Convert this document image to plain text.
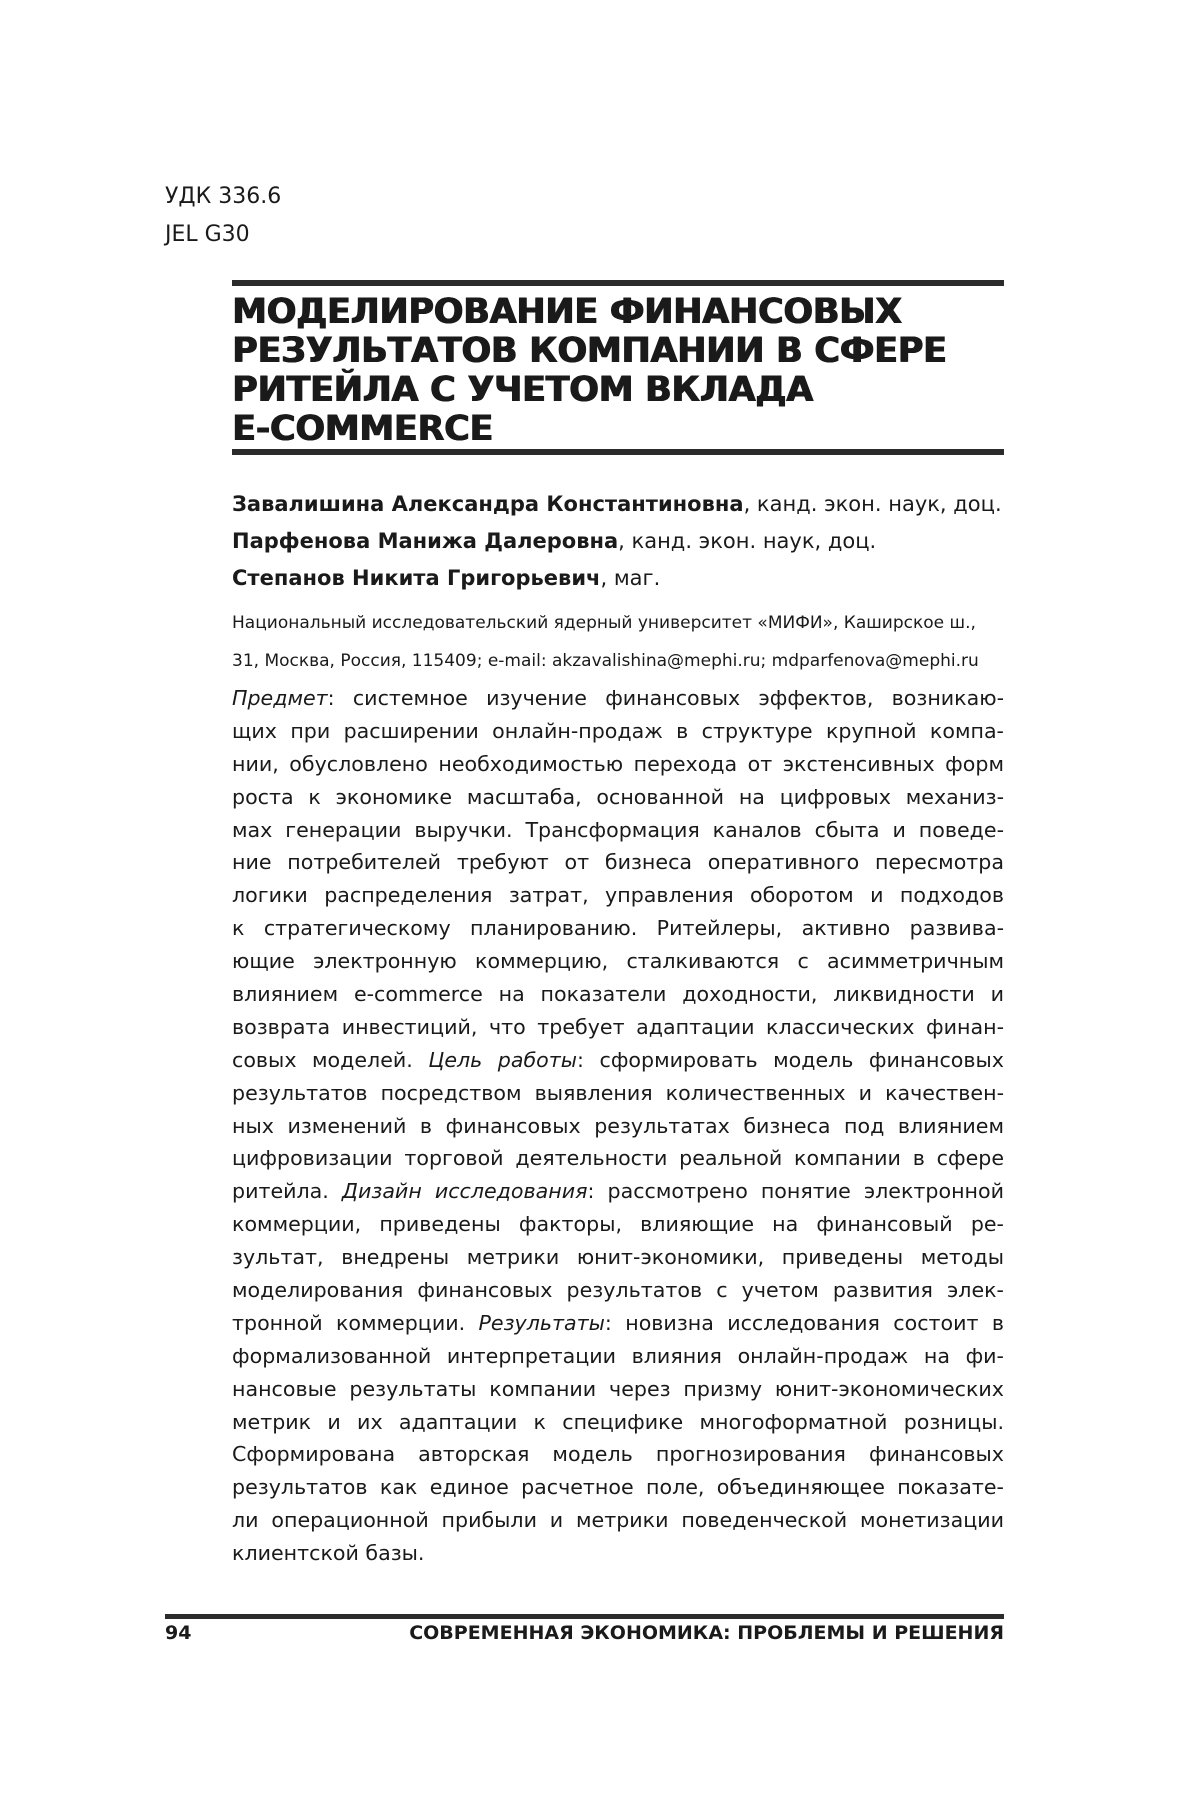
УДК 336.6
JEL G30
МОДЕЛИРОВАНИЕ ФИНАНСОВЫХ
РЕЗУЛЬТАТОВ КОМПАНИИ В СФЕРЕ
РИТЕЙЛА С УЧЕТОМ ВКЛАДА
E-COMMERCE
Завалишина Александра Константиновна, канд. экон. наук, доц.
Парфенова Манижа Далеровна, канд. экон. наук, доц.
Степанов Никита Григорьевич, маг.
Национальный исследовательский ядерный университет «МИФИ», Каширское ш.,
31, Москва, Россия, 115409; e-mail: akzavalishina@mephi.ru; mdparfenova@mephi.ru
Предмет: системное изучение финансовых эффектов, возникаю-
щих при расширении онлайн-продаж в структуре крупной компа-
нии, обусловлено необходимостью перехода от экстенсивных форм
роста к экономике масштаба, основанной на цифровых механиз-
мах генерации выручки. Трансформация каналов сбыта и поведе-
ние потребителей требуют от бизнеса оперативного пересмотра
логики распределения затрат, управления оборотом и подходов
к стратегическому планированию. Ритейлеры, активно развива-
ющие электронную коммерцию, сталкиваются с асимметричным
влиянием e-commerce на показатели доходности, ликвидности и
возврата инвестиций, что требует адаптации классических финан-
совых моделей. Цель работы: сформировать модель финансовых
результатов посредством выявления количественных и качествен-
ных изменений в финансовых результатах бизнеса под влиянием
цифровизации торговой деятельности реальной компании в сфере
ритейла. Дизайн исследования: рассмотрено понятие электронной
коммерции, приведены факторы, влияющие на финансовый ре-
зультат, внедрены метрики юнит-экономики, приведены методы
моделирования финансовых результатов с учетом развития элек-
тронной коммерции. Результаты: новизна исследования состоит в
формализованной интерпретации влияния онлайн-продаж на фи-
нансовые результаты компании через призму юнит-экономических
метрик и их адаптации к специфике многоформатной розницы.
Сформирована авторская модель прогнозирования финансовых
результатов как единое расчетное поле, объединяющее показате-
ли операционной прибыли и метрики поведенческой монетизации
клиентской базы.
94	СОВРЕМЕННАЯ ЭКОНОМИКА: ПРОБЛЕМЫ И РЕШЕНИЯ
